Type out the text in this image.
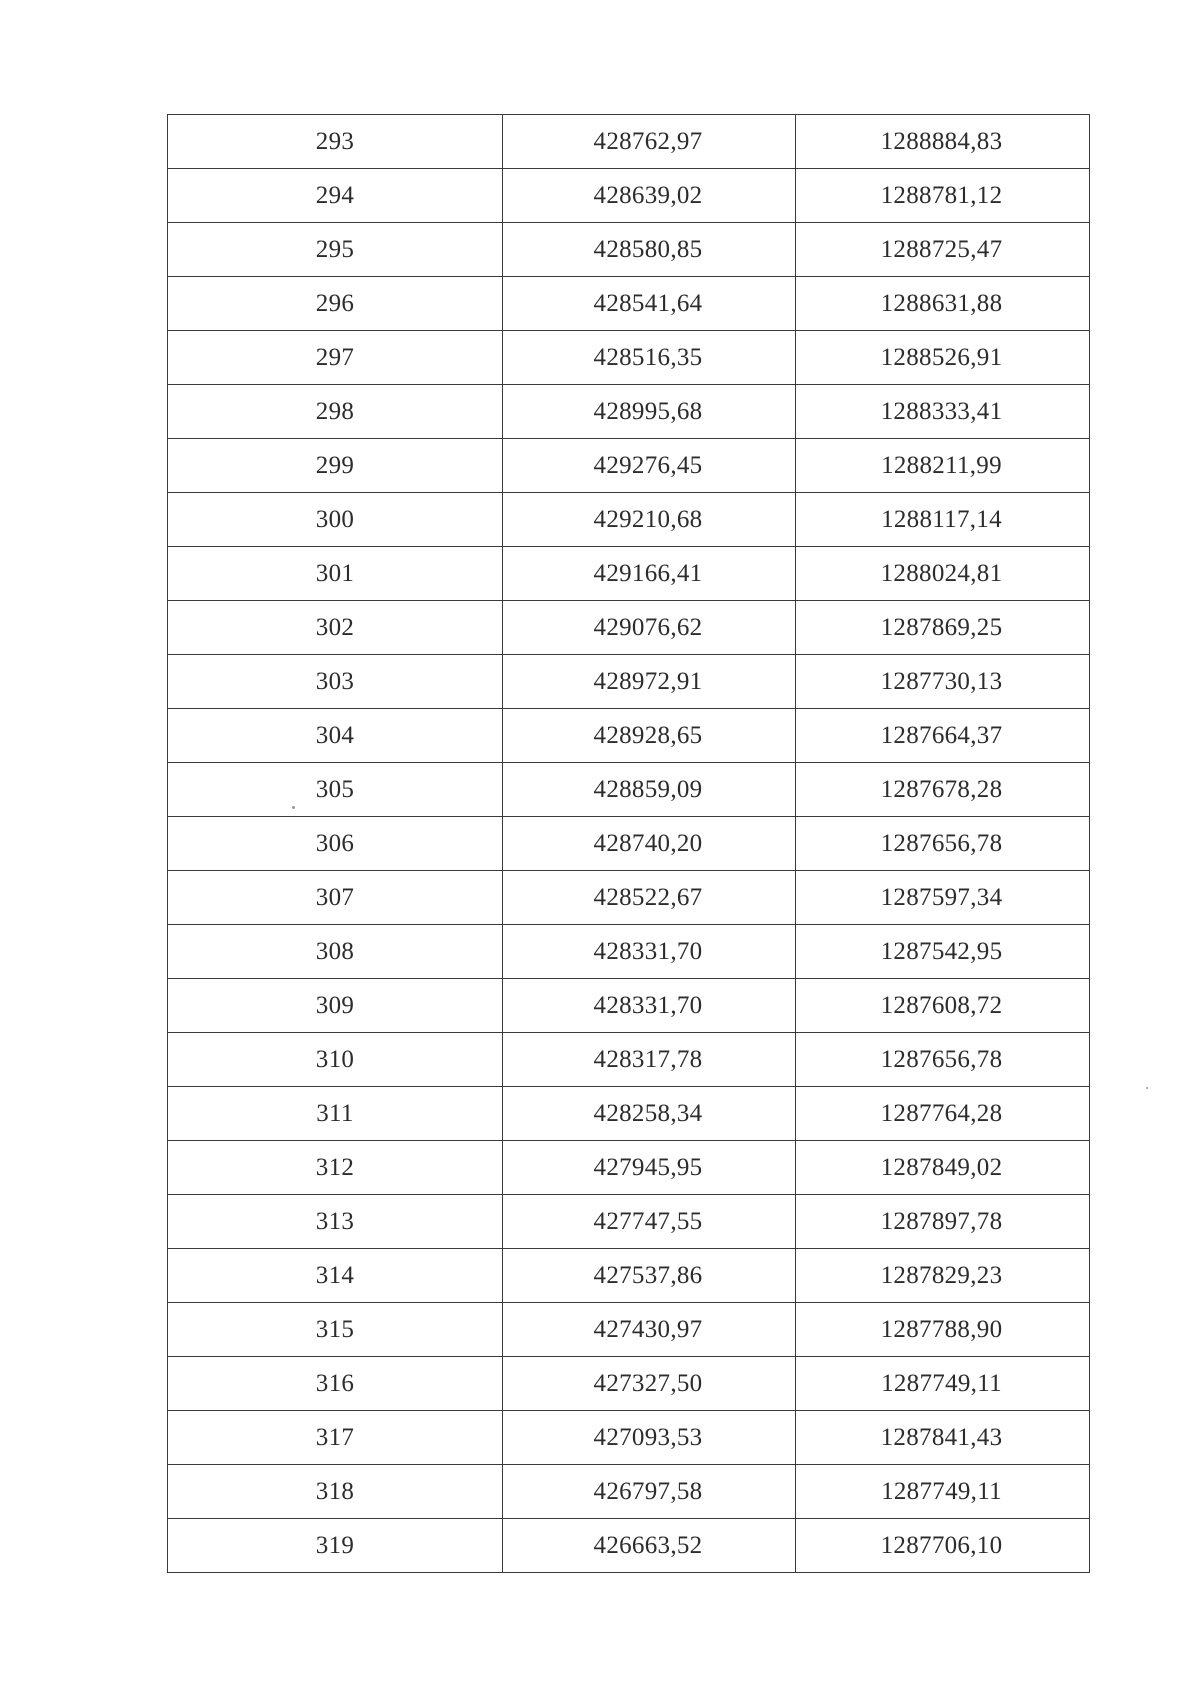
293	428762,97	1288884,83
294	428639,02	1288781,12
295	428580,85	1288725,47
296	428541,64	1288631,88
297	428516,35	1288526,91
298	428995,68	1288333,41
299	429276,45	1288211,99
300	429210,68	1288117,14
301	429166,41	1288024,81
302	429076,62	1287869,25
303	428972,91	1287730,13
304	428928,65	1287664,37
305	428859,09	1287678,28
306	428740,20	1287656,78
307	428522,67	1287597,34
308	428331,70	1287542,95
309	428331,70	1287608,72
310	428317,78	1287656,78
311	428258,34	1287764,28
312	427945,95	1287849,02
313	427747,55	1287897,78
314	427537,86	1287829,23
315	427430,97	1287788,90
316	427327,50	1287749,11
317	427093,53	1287841,43
318	426797,58	1287749,11
319	426663,52	1287706,10
